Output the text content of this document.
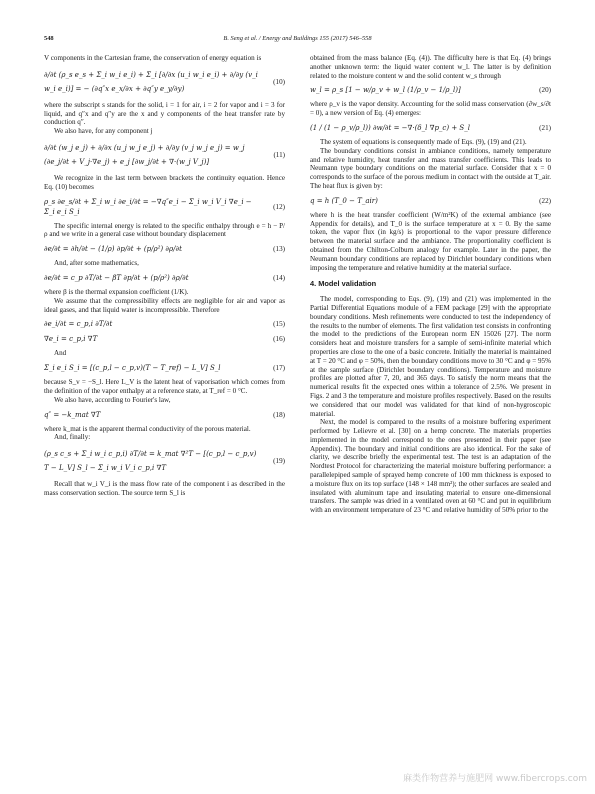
548	B. Seng et al. / Energy and Buildings 155 (2017) 546–558

V components in the Cartesian frame, the conservation of energy equation is

∂/∂t (ρ_s e_s + Σ_i w_i e_i) + Σ_i [∂/∂x (u_i w_i e_i) + ∂/∂y (v_i w_i e_i)] = − (∂q″x e_x/∂x + ∂q″y e_y/∂y)
(10)

where the subscript s stands for the solid, i = 1 for air, i = 2 for vapor and i = 3 for liquid, and q″x and q″y are the x and y components of the heat transfer rate by conduction q″.

We also have, for any component j

∂/∂t (w_j e_j) + ∂/∂x (u_j w_j e_j) + ∂/∂y (v_j w_j e_j) = w_j (∂e_j/∂t + V_j·∇e_j) + e_j [∂w_j/∂t + ∇·(w_j V_j)]
(11)

We recognize in the last term between brackets the continuity equation. Hence Eq. (10) becomes

ρ_s ∂e_s/∂t + Σ_i w_i ∂e_i/∂t = −∇q″e_i − Σ_i w_i V_i ∇e_i − Σ_i e_i S_i
(12)

The specific internal energy is related to the specific enthalpy through e = h − P/ρ and we write in a general case without boundary displacement

∂e/∂t = ∂h/∂t − (1/ρ) ∂p/∂t + (p/ρ²) ∂ρ/∂t	(13)

And, after some mathematics,

∂e/∂t = c_p ∂T/∂t − βT ∂p/∂t + (p/ρ²) ∂ρ/∂t	(14)

where β is the thermal expansion coefficient (1/K).

We assume that the compressibility effects are negligible for air and vapor as ideal gases, and that liquid water is incompressible. Therefore

∂e_i/∂t = c_p,i ∂T/∂t	(15)
∇e_i = c_p,i ∇T	(16)

And

Σ_i e_i S_i = [(c_p,l − c_p,v)(T − T_ref) − L_V] S_l	(17)

because S_v = −S_l. Here L_V is the latent heat of vaporisation which comes from the definition of the vapor enthalpy at a reference state, at T_ref = 0 °C.

We also have, according to Fourier's law,

q″ = −k_mat ∇T	(18)

where k_mat is the apparent thermal conductivity of the porous material.

And, finally:

(ρ_s c_s + Σ_i w_i c_p,i) ∂T/∂t = k_mat ∇²T − [(c_p,l − c_p,v) T − L_V] S_l − Σ_i w_i V_i c_p,i ∇T
(19)

Recall that w_i V_i is the mass flow rate of the component i as described in the mass conservation section. The source term S_l is

obtained from the mass balance (Eq. (4)). The difficulty here is that Eq. (4) brings another unknown term: the liquid water content w_l. The latter is by definition related to the moisture content w and the solid content w_s through

w_l = ρ_s [1 − w/ρ_v + w_l (1/ρ_v − 1/ρ_l)]	(20)

where ρ_v is the vapor density. Accounting for the solid mass conservation (∂w_s/∂t = 0), a new version of Eq. (4) emerges:

(1 / (1 − ρ_v/ρ_l)) ∂w/∂t = −∇·(δ_l ∇p_c) + S_l	(21)

The system of equations is consequently made of Eqs. (9), (19) and (21).

The boundary conditions consist in ambiance conditions, namely temperature and relative humidity, heat transfer and mass transfer coefficients. This leads to Neumann type boundary conditions on the material surface. Consider that x = 0 corresponds to the surface of the porous medium in contact with the outside at T_air. The heat flux is given by:

q = h (T_0 − T_air)	(22)

where h is the heat transfer coefficient (W/m²K) of the external ambiance (see Appendix for details), and T_0 is the surface temperature at x = 0. By the same token, the vapor flux (in kg/s) is proportional to the vapor pressure difference between the material surface and the ambiance. The proportionality coefficient is obtained from the Chilton-Colburn analogy for example. Later in the paper, the Neumann boundary conditions are replaced by Dirichlet boundary conditions when imposing the temperature and relative humidity at the material surface.

4. Model validation

The model, corresponding to Eqs. (9), (19) and (21) was implemented in the Partial Differential Equations module of a FEM package [29] with the appropriate boundary conditions. Mesh refinements were conducted to test the independency of the results to the number of elements. The first validation test consists in confronting the model to the predictions of the European norm EN 15026 [27]. The norm considers heat and moisture transfers for a sample of semi-infinite material which properties are close to the one of a basic concrete. Initially the material is maintained at T = 20 °C and φ = 50%, then the boundary conditions move to 30 °C and φ = 95% at the sample surface (Dirichlet boundary conditions). Temperature and moisture profiles are plotted after 7, 20, and 365 days. To satisfy the norm means that the numerical results fit the expected ones within a tolerance of 2.5%. We present in Figs. 2 and 3 the temperature and moisture profiles respectively. Based on the results we considered that our model was validated for that kind of non-hygroscopic material.

Next, the model is compared to the results of a moisture buffering experiment performed by Lelievre et al. [30] on a hemp concrete. The materials properties implemented in the model correspond to the ones presented in their paper (see Appendix). The boundary and initial conditions are also identical. For the sake of clarity, we describe briefly the experimental test. The test is an adaptation of the Nordtest Protocol for characterizing the material moisture buffering performance: a parallelepiped sample of sprayed hemp concrete of 100 mm thickness is exposed to a moisture flux on its top surface (148 × 148 mm²); the other surfaces are sealed and insulated with aluminum tape and insulating material to ensure one-dimensional transfers. The sample was dried in a ventilated oven at 60 °C and put in equilibrium with an environment temperature of 23 °C and relative humidity of 50% prior to the

麻类作物营养与施肥网 www.fibercrops.com
